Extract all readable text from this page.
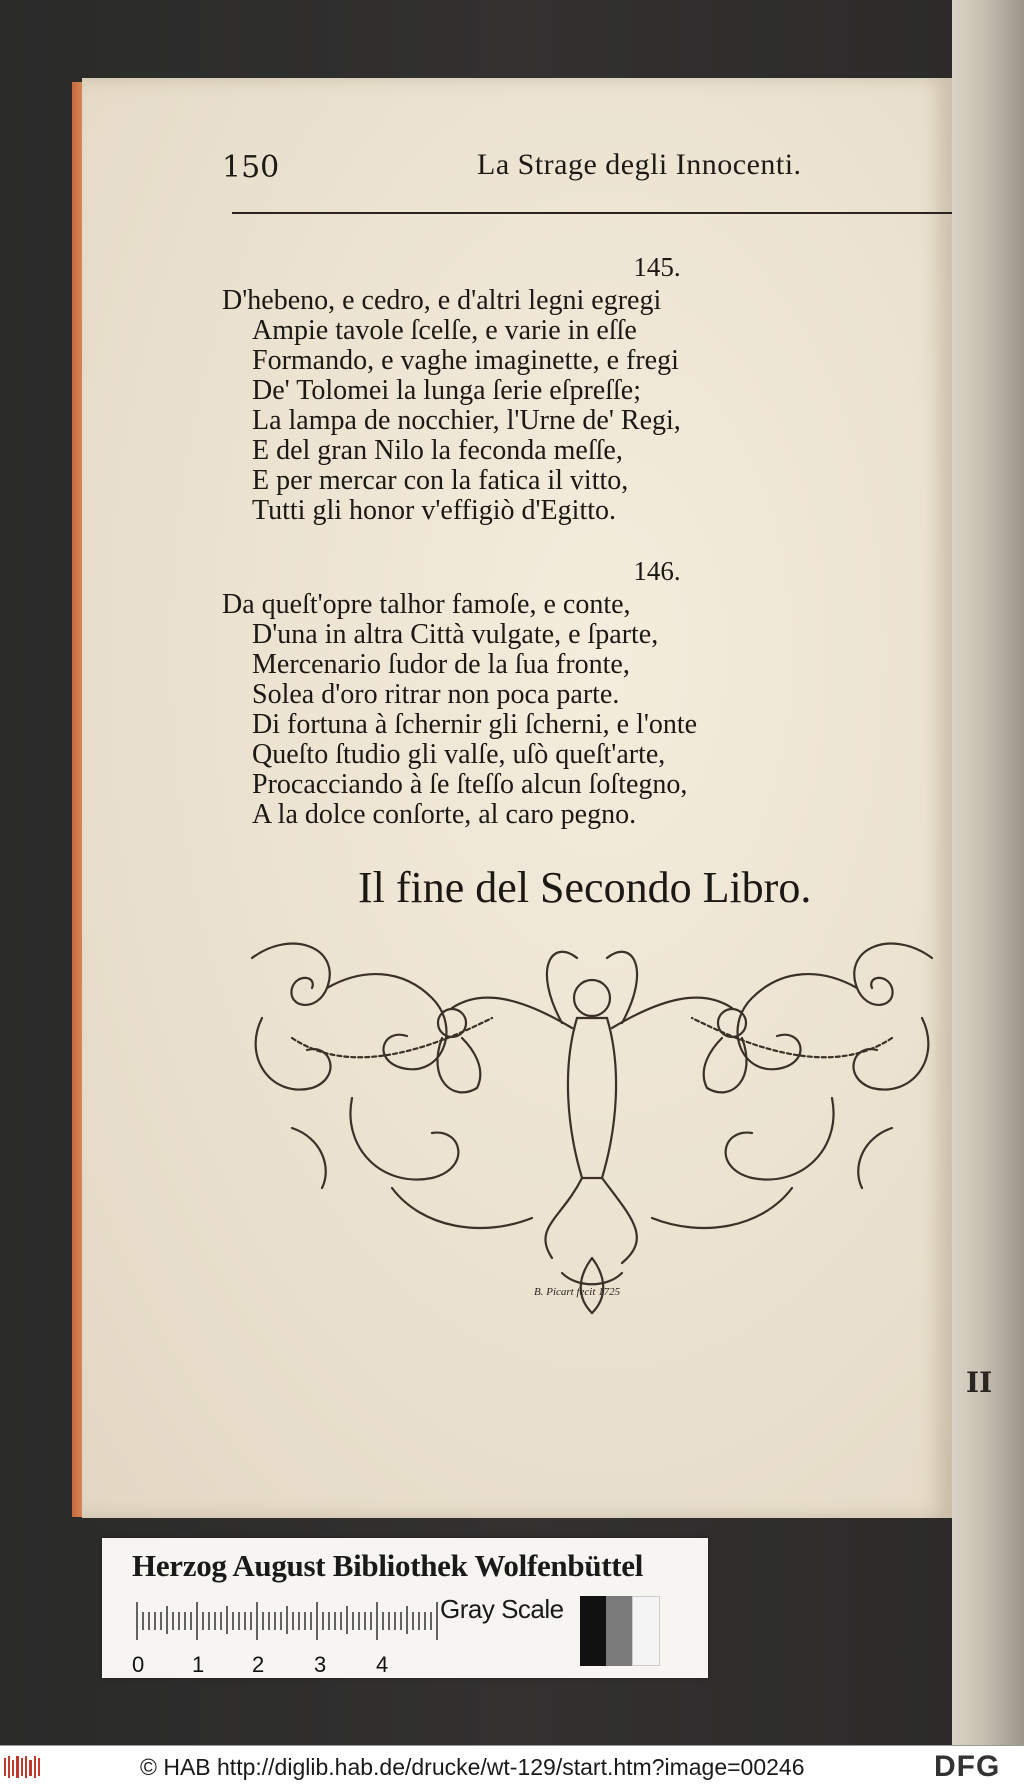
II
150	La Strage degli Innocenti.
145.
D'hebeno, e cedro, e d'altri legni egregi
Ampie tavole ſcelſe, e varie in eſſe
Formando, e vaghe imaginette, e fregi
De' Tolomei la lunga ſerie eſpreſſe;
La lampa de nocchier, l'Urne de' Regi,
E del gran Nilo la feconda meſſe,
E per mercar con la fatica il vitto,
Tutti gli honor v'effigiò d'Egitto.
146.
Da queſt'opre talhor famoſe, e conte,
D'una in altra Città vulgate, e ſparte,
Mercenario ſudor de la ſua fronte,
Solea d'oro ritrar non poca parte.
Di fortuna à ſchernir gli ſcherni, e l'onte
Queſto ſtudio gli valſe, uſò queſt'arte,
Procacciando à ſe ſteſſo alcun ſoſtegno,
A la dolce conſorte, al caro pegno.
Il fine del Secondo Libro.
B. Picart fecit 1725
Herzog August Bibliothek Wolfenbüttel
0 1 2 3 4
Gray Scale
© HAB http://diglib.hab.de/drucke/wt-129/start.htm?image=00246	DFG
